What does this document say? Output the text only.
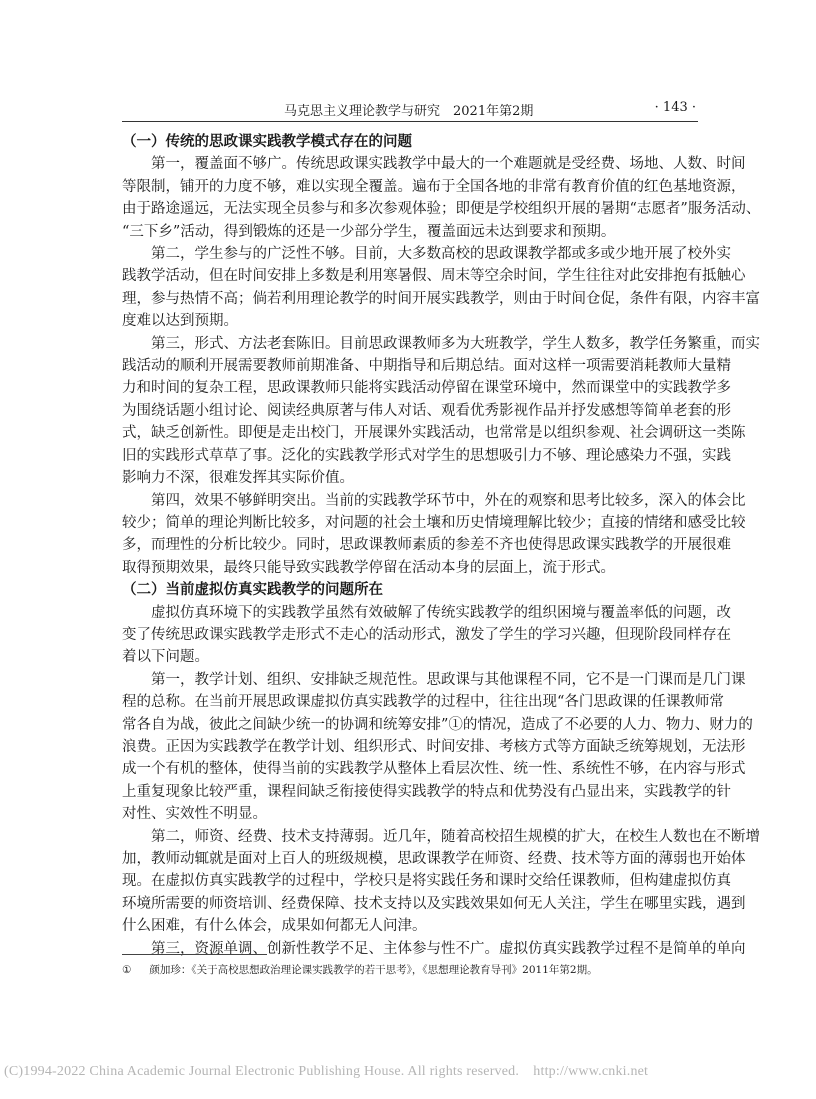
马克思主义理论教学与研究　2021年第2期	· 143 ·
（一）传统的思政课实践教学模式存在的问题
第一，覆盖面不够广。传统思政课实践教学中最大的一个难题就是受经费、场地、人数、时间
等限制，铺开的力度不够，难以实现全覆盖。遍布于全国各地的非常有教育价值的红色基地资源，
由于路途遥远，无法实现全员参与和多次参观体验；即便是学校组织开展的暑期“志愿者”服务活动、
“三下乡”活动，得到锻炼的还是一少部分学生，覆盖面远未达到要求和预期。
第二，学生参与的广泛性不够。目前，大多数高校的思政课教学都或多或少地开展了校外实
践教学活动，但在时间安排上多数是利用寒暑假、周末等空余时间，学生往往对此安排抱有抵触心
理，参与热情不高；倘若利用理论教学的时间开展实践教学，则由于时间仓促，条件有限，内容丰富
度难以达到预期。
第三，形式、方法老套陈旧。目前思政课教师多为大班教学，学生人数多，教学任务繁重，而实
践活动的顺利开展需要教师前期准备、中期指导和后期总结。面对这样一项需要消耗教师大量精
力和时间的复杂工程，思政课教师只能将实践活动停留在课堂环境中，然而课堂中的实践教学多
为围绕话题小组讨论、阅读经典原著与伟人对话、观看优秀影视作品并抒发感想等简单老套的形
式，缺乏创新性。即便是走出校门，开展课外实践活动，也常常是以组织参观、社会调研这一类陈
旧的实践形式草草了事。泛化的实践教学形式对学生的思想吸引力不够、理论感染力不强，实践
影响力不深，很难发挥其实际价值。
第四，效果不够鲜明突出。当前的实践教学环节中，外在的观察和思考比较多，深入的体会比
较少；简单的理论判断比较多，对问题的社会土壤和历史情境理解比较少；直接的情绪和感受比较
多，而理性的分析比较少。同时，思政课教师素质的参差不齐也使得思政课实践教学的开展很难
取得预期效果，最终只能导致实践教学停留在活动本身的层面上，流于形式。
（二）当前虚拟仿真实践教学的问题所在
虚拟仿真环境下的实践教学虽然有效破解了传统实践教学的组织困境与覆盖率低的问题，改
变了传统思政课实践教学走形式不走心的活动形式，激发了学生的学习兴趣，但现阶段同样存在
着以下问题。
第一，教学计划、组织、安排缺乏规范性。思政课与其他课程不同，它不是一门课而是几门课
程的总称。在当前开展思政课虚拟仿真实践教学的过程中，往往出现“各门思政课的任课教师常
常各自为战，彼此之间缺少统一的协调和统筹安排”①的情况，造成了不必要的人力、物力、财力的
浪费。正因为实践教学在教学计划、组织形式、时间安排、考核方式等方面缺乏统筹规划，无法形
成一个有机的整体，使得当前的实践教学从整体上看层次性、统一性、系统性不够，在内容与形式
上重复现象比较严重，课程间缺乏衔接使得实践教学的特点和优势没有凸显出来，实践教学的针
对性、实效性不明显。
第二，师资、经费、技术支持薄弱。近几年，随着高校招生规模的扩大，在校生人数也在不断增
加，教师动辄就是面对上百人的班级规模，思政课教学在师资、经费、技术等方面的薄弱也开始体
现。在虚拟仿真实践教学的过程中，学校只是将实践任务和课时交给任课教师，但构建虚拟仿真
环境所需要的师资培训、经费保障、技术支持以及实践效果如何无人关注，学生在哪里实践，遇到
什么困难，有什么体会，成果如何都无人问津。
第三，资源单调、创新性教学不足、主体参与性不广。虚拟仿真实践教学过程不是简单的单向
① 颜加珍：《关于高校思想政治理论课实践教学的若干思考》，《思想理论教育导刊》2011年第2期。
(C)1994-2022 China Academic Journal Electronic Publishing House. All rights reserved.　http://www.cnki.net
